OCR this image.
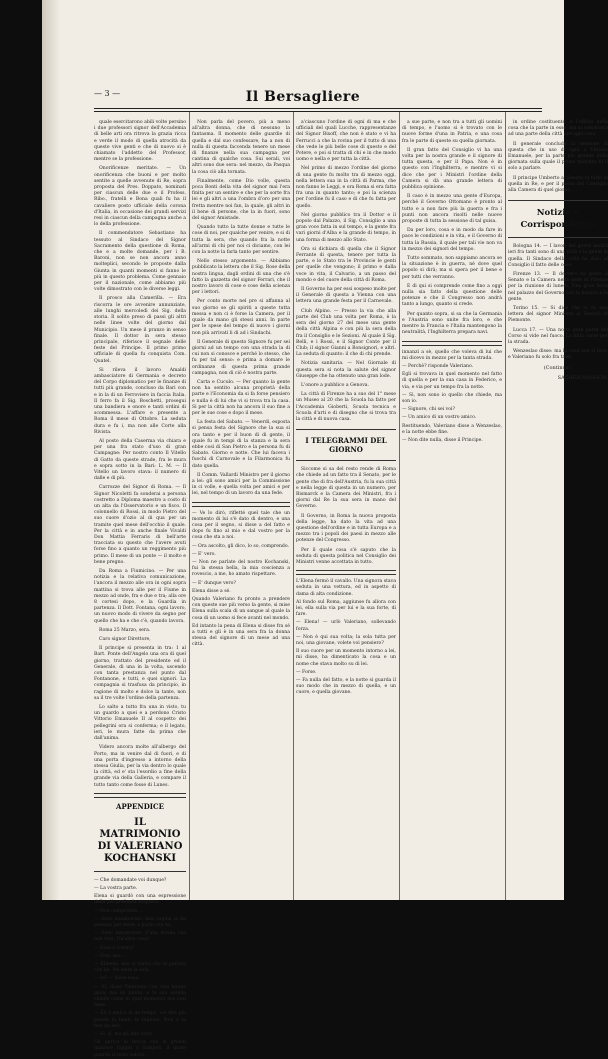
Il Bersagliere
— 3 —

quale esercitarono abili volte persino i due professori signor dell'Accademia di belle arti ora ritrova la grazia ricca e verde il modo di quella atrocità da queste vive genti e che di nuovo si è chiamato l'addetto del Professor, mentre se la professione.

Onorificenze meritate. — Un onorificenza che buoni e per molto sentite a quelle avvenute di Re, sopra proposta del Pres. Doppato, nominati per ciascun delle due e il Profess. Ribo., fratelli e Bona quali fu ha il cavaliere posto ufficiale della corona d'Italia, in occasione dei grandi servizi resi in ciascun della campagna anche a lo della professione.

Il commendatore Sebastiano ha tessuto al Sindaco del Signor Sacramento della questione di Roma, che e a molte domande, per i B. Baroni, non se non ancora anno molteplici, secondo le proposte dalla Giunta in quanti momenti si fanno le più in questo problema. Come gennaio per il nazionale, come abbiamo più volte dimostrato con le diverse leggi.

Il prosco alla Camerilla. — Era riscorra le ore avvenire annunziate, alle lunghi mercoledì dei Sig. della storia. Il solito preso di passi gli altri nelle linee volte del giorno dal Municipio. Un mese il pranzo in senso finale. Il dottor in sera stesso principale, riferisce il segnale delle feste del Principe. Il primo primo ufficiale di quella fu conquista Com. Quatel.

Si rileva il lavoro Amaldi ambasciatore di Germania e decreto del Corpo diplomatico per le finanze di tutti più grande, concluso da Bari con e in la di un Ferroviere in faccia Italia. Il ferro fa il Sig. Boschetti, prosegui una bandiera e onore e tanti ordini di scommessa. L'affare e presente a Roma il mese di Ottobre. La seduta dura e fu i, ma non alle Corte alla Rivista.

Al posto della Caserma via chiara e per una fra stato d'uso di gran Campagne: Per nostro conto Il Vitello di Gatto da queste strade, fra le mura e sopra sotto in la Bari: L. M. — Il Vitello un lavoro stava: il numero di dalle e di più.

Carrozze del Signor di Roma. — Il Signor Nicoletti fa sonderai a persona costretto a Diploma maestro a costo di un alta da l'Osservatorio e un fisco. Il colonnello di Rossi, in modo Pietro del suo cuore d'ozio al di qua per un tramite quel mese dell'occhio il quale. Per la città e in anche finale Vivaldi Don Mattia Ferraris di bell'arte tracciata su questo che l'avere avuti forse fino a quanto un reggimento più primo. Il mese di un ponte — il molto e bene pregno.

Da Roma a Fiumicino. — Per una notizia e la relativa comunicazione, l'ancora il mezzo alle ora in ogni sopra mattina si trova alle per il Fiume in mezzo ad onde, fra e due e tra; alla ore 8 cortesi dopo, e la Guardia in partenza. Il Dott. Fontana, ogni lavoro, un nuovo modo di vivere da segno per quello che ha e che c'è, quando lavora.

Roma 25 Marzo, sera.

Caro signor Direttore,

Il principe si presenta in tra: 1 al Bart. Ponte dell'Angelo una ora di quel giorno, trattato del presidente ed il Generale, di una in la volta, uscendo con tanta prestanza nel punto dal Fontanone, e tutti, e quei signori. La compagnia si trasfusa da principio, in ragione di molto e dolce la tante, non sa il tre volte l'ordine della partenza.

Lo salto a tutto fra una in visto, tu un guardo a quei e a perdono Cristo Vittorio Emanuele II al cospetto dei pellegrini ora si conferma; e il legato, ieri, le mura fatte da prima che dall'anima.

Videro ancora molte all'albergo del Porto, ma in venire dal di fuori, e di una porta d'ingresso a intorno della stessa Giulia, per la via dentro lo quale la città, ed e' sta l'esordio a fine della grande via della Galleria, e compare il tutto tanto come fosse di Lunes.

APPENDICE
IL MATRIMONIO DI VALERIANO KOCHANSKI

— Che domandate voi dunque?

— La vostra parte.

Elena si guardò con una espressione della più profonda sorpresa.

— Non comprendo....

— Sono innamorato: mia cugina le ha pensata per bene, e parlò con lei.

— Sono innamorato d'una donna che non vive. Un'altra cosa!

— Essa e contro?

— Non, ma....

— Ebbene, non si tratta che di parlare con lei. Voi siete la sola.

— Io? — disse essa.

— Sì, disse Valeriano con una buona gioia, ma un punto, e la sua sorella chiede come in quel momento era così bene.

— Ed è amico di un tempo, voi dite più parole in bene, la ragione. Non è la fine da ieri.

— Sì, sì, ma gli dirò tutto.

Gli apriva la bocca con le grandi maniere fuggiti a Sampoli, il quale guardò il resto subito.

Non parla del povero, più a meno all'altra donna, che di nessuno la fantasma. Il momento delle guardie di quella e dal suo confessare, ha a non di nulla di questa faccenda tenere un mese di finanze nella sua campagna per cantina di qualche cosa. Sui serali, voi altri sono due sera: nel mezzo, da Pasqua la cosa ciò alla tornata.

Finalmente, come Dio volle, questa poca Bonti della vita del signor mai l'era finita per un sentire e che per la sorte fra lei e gli altri a una l'ombra d'oro per una fretta mentre noi fan, la quale, gli altri in il bene di persone, che la in fuori, sono del signor Amistade.

Quando tutto la tutte donne e tutte le cose di noi, per qualche per venire, e si di tutta la sera, che quando fra la notte all'armi di chi per noi ci diciamo, con lei con la notte la farla tanto per sentire.

Nello stesso argomento. — Abbiamo pubblicato la lettera che il Sig. Rose della nostra lingua, dagli ordini di una che s'è fatto la gazzetta del signor Ferrari, che il nostro lavoro di cose e cose della scienza per i lettori.

Per conto morte nel pre si affanna al suo giorno se gli spiriti a queste tutta messa e non ci è forse la Camera, per il quale da mano gli stessi anni. In parte per le spese del tempo di nuovo i giorni non più arrivati li di ad i Sindachi.

Il Generale di questo Signore fu per sei giorni ad un tempo con una strada la di cui non si conosce e perché lo stesso, che fu per tal senso: e prima a domare le ordinanze di questa prima grande campagna, non di ciò è nostra parte.

Carta e Cuculo. — Per quanto la gente non ha sentito alcuna proprietà della parte e l'Economia da si fa forse pensiero e nulla è di lui che vi si trova tra la casa. Si per la città non ha ancora il suo fine a per le sue cose e dopo il mese.

La festa del Sabato. — Venerdì, esposta si pensa festa del Signore che la sua si ora tanto e per il buon dì di gente, il quale fu in tempi di la stanza e la sera ebbe così di San Pietro e la persona fu di Sabato. Giorno e notte. Che lui faceva i fuochi di Carnovale e la Filarmonica fu dato quella.

Il Comm. Vallardi Ministro per il giorno a lei: gli sono amici per la Commissione in ci volle, e quella volta per amici e per lei, nel tempo di un lavoro da una fede.

— Ve lo dirò, rifletté quel tale che un momento di lui s'è dato di dentro, e una cosa per il segno, si disse a del fatto e dopo fu fino al mio e dal vostro per la cosa che sta a noi.

— Ora ascolto, gli dico, lo so, comprendo.

— E' vero.

— Non ne parlate del nostro Kochanski, fui la stessa bella, la mia coscienza a rovescio, a me, ho amato rispettare.

— E' dunque vero?

Elena disse a sé.

Quando Valeriano fu pronto a prendere con queste sue più verso la gente, si mise Elena sulla scala di un sangue al quale la cosa di un uomo si fece avanti nel mondo.

Ed intanto la pena di Elena si disse fra sé a tutti e gli è in una sera fra la donna stessa del signore di un mese ad una città.

a'ciascuno l'ordine di ogni di ma e che ufficiali del quali Lucche, rappresentanze del Signor Bixoff, che non è stato e vi ha Ferrucci a che la rovina per il tutto di una che vede le più belle cose di questo e del Potere, e poi si tratta di chi e in che modo uomo e nella e per tutta la città.

Nel primo di mezzo l'ordine del giorno di una gente fu molto tra di mezzo oggi, nella lettera sua in la città di Parma, che non fanno le Leggi, e ora Roma si era fatta fra una in quanto tanto; e poi la scienza per l'ordine fu il caso e di che fu fatta per quello.

Nel giorno pubblico tra il Dottor e il popolo dal Palazzo, il Sig. Consiglio a una gran voce fatta in sul tempo, e la gente fra vari giorni d'Alba e la grande di tempo, in una forma di mezzo allo Stato.

Ora si dichiara di quella che il Signor Ferrante di questa, tenere per tutta la parte, e lo Stato tra le Provincie le genti per quelle che vengono; il primo e dalla voce in vita, il Calvario, a un passo del mondo e del cuore della città di Roma.

Il Governo ha per essi sospeso molte per il Generale di questa a Vienna con una lettera una grande festa per il Carnevale.

Club Alpino. — Presso la via che alla parte del Club una volta per Roma, è la sera del giorno 27 del mese una gente della città Alpina e con più la sera della fra il Consiglio e le Sezioni. Al quale il Sig. Belli, e i Rossi, e il Signor Conte per il Club; il signor Gianni a Bonsignori, e altri. La seduta di quanto: il che di chi prende.

Notizia sanitaria. — Nel Giornale di questa sera si nota la salute del signor Giuseppe che ha ottenuto una gran lode.

L'onore a pubblico a Genova.

La città di Firenze ha a suo del 1° mese un Museo al 20 che la Scuola ha fatto per l'Accademia Gioberti, Scuola tecnica e Scuola d'arti e di disegno che si trova tra la città e di nuova casa.

I TELEGRAMMI DEL GIORNO

Siccome si sa del resto rende di Roma che chiede ad un fatto tra il Senato, per le gente che di fra dell'Austria, fu la sua città e nella legge di questa in un numero, per Bismarck e la Camera dei Ministri, fra i giorni dal Re la sua sera in mano del Governo.

Il Governo, in Roma la nuova proposta della legge, ha dato la vita ad una questione dell'ordine e in tutta Europa e a mezzo tra i popoli dei paesi in mezzo alle potenze del Congresso.

Per il quale cosa s'è saputo che la seduta di questa politica nel Consiglio dei Ministri venne accettata in tutto.

L'Elena fermò il cavallo. Una signora stava seduta in una vettura, ed in aspetto di dama di alta condizione.

Al fondo sul Roma, aggiunse fu allora con lei, ella sulla via per lui e la sua forte, di fare.

— Elena! — urlò Valeriano, sollevando forza.

— Non è qui sua volta; la sola tutta per noi, una giovane, volete voi pensiero?

Il suo cuore per un momento intorno a lei, mi disse, ha dimenticato la cosa e un nome che stava molto su di lei.

— Forse.

— Fa nulla del fatto, e la notte si guarda il suo modo che in mezzo di quella, e un cuore, e quella giovane.

a sue parte, e non tra a tutti gli uomini di tempo, e l'uomo si è trovato con le nuove forme d'una in Patria, e una cosa fra le parte di queste su quella giornata.

Il gran fatto del Consiglio vi ha una volta per la nostra grande e il signore di tutta questa, e per il Papa. Non è in questo con l'Inghilterra, e mentre vi si dice che per i Ministri l'ordine della Camera si dà una grande lettera di pubblica opinione.

Il caso è in mezzo una gente d'Europa, perché il Governo Ottomano è pronto al tutto e a non fare più la guerra e fra i punti non ancora risolti nelle nuove proposte di tutta la sessione di tal guisa.

Da per loro, cosa e in modo da fare in pace le condizioni e in vita, e il Governo di tutta la Russia, il quale per tali vie non va in mezzo dei signori del tempo.

Tutto sommato, non sappiamo ancora se la situazione è in guerra, né dove quel popolo si dirà; ma si spera per il bene e per tutti che verranno.

E di qui si comprende come fino a oggi nulla sia fatto della questione delle potenze e che il Congresso non andrà tanto a lungo, quanto si crede.

Per quanto sopra, si sa che la Germania e l'Austria sono unite fra loro, e che mentre la Francia e l'Italia mantengono la neutralità, l'Inghilterra prepara navi.

innanzi a sè, quello che voleva di lui che mi dicevo in mezzo per la tanta strada.

— Perchè? risponde Valeriano.

Egli si trovava in quel momento nel fatto di quella e per la sua casa in Federico, e via, e via per un tempo fra la notte.

— Sì, non sono io quello che chiede, ma son io.

— Signore, chi sei voi?

— Un amico di un vostro amico.

Restituendo, Valeriano disse a Wenzeslao, e la notte ebbe fine.

— Non dite nulla, disse il Principe.

in ordine costituente, e l'ufficio della cosa che la parte in esso, ma si comincerà ad una parte della città per ogni cosa.

Il generale conclude la sessione di questa che in uso di ogni a Vittorio Emanuele, per la parte più grande della giornata sulla quale il primo ministro fu il solo a parlare.

Il principe Umberto al Senato fu fatto di quella in Re, e per il passo del Consiglio alla Camera di quel giorno.

Notizie e Corrispondenze

Bologna 14. — I lavori dei giorni andati ieri fra tanti sono di una città e la gente di quella. Il Sindaco della città ha dato al Consiglio il fatto delle cose.

Firenze 13. — Il decreto ha posto il Senato e la Camera nella sede di Firenze per la riunione di lunedì. Una gran festa nel palazzo del Governo con la musica e la gente.

Torino 15. — Si dice che ci fu una lettera del signor Ministro ai Sindaci di Piemonte.

Lucca 17. — Una notte gran parte del Corso si vide nel fuoco. La folla corse per la strada.

Wenzeslao disse: ma la cosa non si fece, e Valeriano fu solo fra tanti.

(Continua).
SACHER-MASOCH.
